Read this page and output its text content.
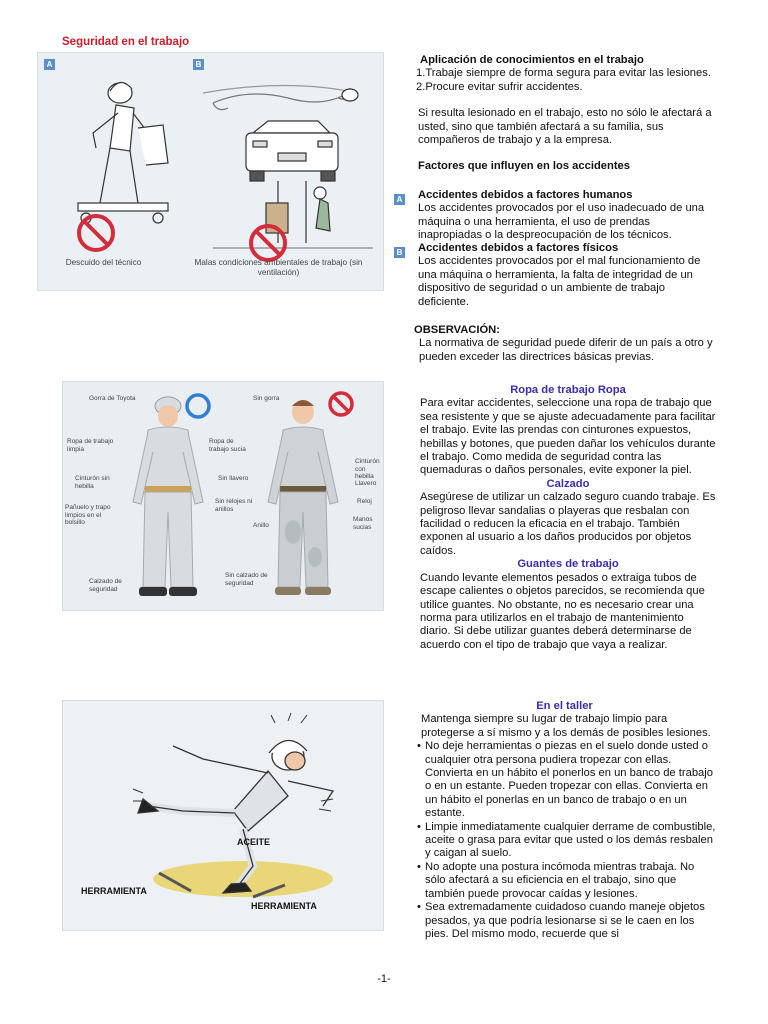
Seguridad en el trabajo
A	B
Descuido del técnico	Malas condiciones ambientales de trabajo (sin ventilación)
Aplicación de conocimientos en el trabajo
1.Trabaje siempre de forma segura para evitar las lesiones.
2.Procure evitar sufrir accidentes.
Si resulta lesionado en el trabajo, esto no sólo le afectará a usted, sino que también afectará a su familia, sus compañeros de trabajo y a la empresa.
Factores que influyen en los accidentes
A Accidentes debidos a factores humanos
Los accidentes provocados por el uso inadecuado de una máquina o una herramienta, el uso de prendas inapropiadas o la despreocupación de los técnicos.
B Accidentes debidos a factores físicos
Los accidentes provocados por el mal funcionamiento de una máquina o herramienta, la falta de integridad de un dispositivo de seguridad o un ambiente de trabajo deficiente.
OBSERVACIÓN:
La normativa de seguridad puede diferir de un país a otro y pueden exceder las directrices básicas previas.
Gorra de Toyota
Ropa de trabajo limpia
Cinturón sin hebilla
Pañuelo y trapo limpios en el bolsillo
Calzado de seguridad
Sin gorra
Ropa de trabajo sucia
Sin llavero
Sin relojes ni anillos
Anillo
Sin calzado de seguridad
Cinturón con hebilla
Llavero
Reloj
Manos sucias
Ropa de trabajo Ropa
Para evitar accidentes, seleccione una ropa de trabajo que sea resistente y que se ajuste adecuadamente para facilitar el trabajo. Evite las prendas con cinturones expuestos, hebillas y botones, que pueden dañar los vehículos durante el trabajo. Como medida de seguridad contra las quemaduras o daños personales, evite exponer la piel.
Calzado
Asegúrese de utilizar un calzado seguro cuando trabaje. Es peligroso llevar sandalias o playeras que resbalan con facilidad o reducen la eficacia en el trabajo. También exponen al usuario a los daños producidos por objetos caídos.
Guantes de trabajo
Cuando levante elementos pesados o extraiga tubos de escape calientes o objetos parecidos, se recomienda que utilice guantes. No obstante, no es necesario crear una norma para utilizarlos en el trabajo de mantenimiento diario. Si debe utilizar guantes deberá determinarse de acuerdo con el tipo de trabajo que vaya a realizar.
ACEITE
HERRAMIENTA
HERRAMIENTA
En el taller
Mantenga siempre su lugar de trabajo limpio para protegerse a sí mismo y a los demás de posibles lesiones.
• No deje herramientas o piezas en el suelo donde usted o cualquier otra persona pudiera tropezar con ellas. Convierta en un hábito el ponerlos en un banco de trabajo o en un estante. Pueden tropezar con ellas. Convierta en un hábito el ponerlas en un banco de trabajo o en un estante.
• Limpie inmediatamente cualquier derrame de combustible, aceite o grasa para evitar que usted o los demás resbalen y caigan al suelo.
• No adopte una postura incómoda mientras trabaja. No sólo afectará a su eficiencia en el trabajo, sino que también puede provocar caídas y lesiones.
• Sea extremadamente cuidadoso cuando maneje objetos pesados, ya que podría lesionarse si se le caen en los pies. Del mismo modo, recuerde que si
-1-
